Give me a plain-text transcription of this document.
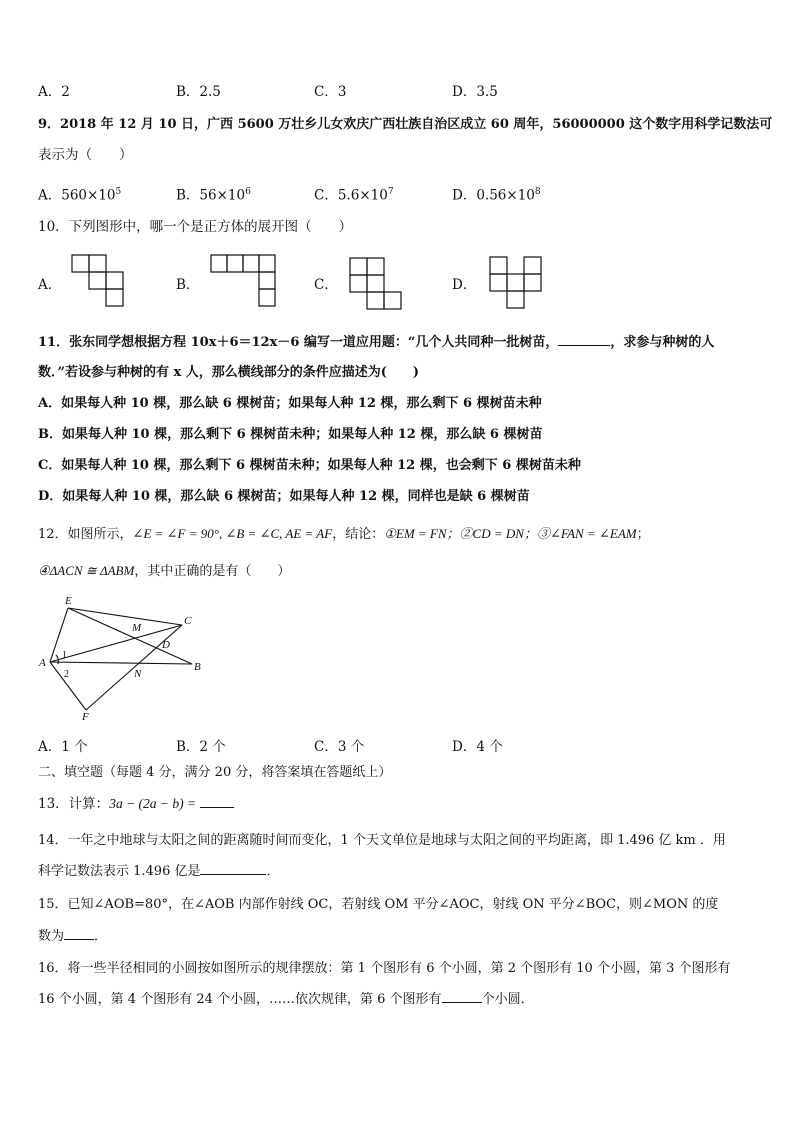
A．2	B．2.5	C．3	D．3.5
9．2018 年 12 月 10 日，广西 5600 万壮乡儿女欢庆广西壮族自治区成立 60 周年，56000000 这个数字用科学记数法可
表示为（　　）
A．$560\times 10^5$	B．$56\times 10^6$	C．$5.6\times 10^7$	D．$0.56\times 10^8$
10．下列图形中，哪一个是正方体的展开图（　　）
A．	B．	C．	D．
11．张东同学想根据方程 10x＋6＝12x－6 编写一道应用题：“几个人共同种一批树苗，	，求参与种树的人
数．”若设参与种树的有 x 人，那么横线部分的条件应描述为(　　)
A．如果每人种 10 棵，那么缺 6 棵树苗；如果每人种 12 棵，那么剩下 6 棵树苗未种
B．如果每人种 10 棵，那么剩下 6 棵树苗未种；如果每人种 12 棵，那么缺 6 棵树苗
C．如果每人种 10 棵，那么剩下 6 棵树苗未种；如果每人种 12 棵，也会剩下 6 棵树苗未种
D．如果每人种 10 棵，那么缺 6 棵树苗；如果每人种 12 棵，同样也是缺 6 棵树苗
12．如图所示，∠E = ∠F = 90°, ∠B = ∠C, AE = AF，结论：①EM = FN；②CD = DN；③∠FAN = ∠EAM；
④ΔACN ≅ ΔABM，其中正确的是有（　　）
E
M
C
D
A	B
N
F
1
2
A．1 个	B．2 个	C．3 个	D．4 个
二、填空题（每题 4 分，满分 20 分，将答案填在答题纸上）
13．计算：3a − (2a − b) =
14．一年之中地球与太阳之间的距离随时间而变化，1 个天文单位是地球与太阳之间的平均距离，即 1.496 亿 km ．用
科学记数法表示 1.496 亿是	．
15．已知∠AOB=80°，在∠AOB 内部作射线 OC，若射线 OM 平分∠AOC，射线 ON 平分∠BOC，则∠MON 的度
数为 ．
16．将一些半径相同的小圆按如图所示的规律摆放：第 1 个图形有 6 个小圆，第 2 个图形有 10 个小圆，第 3 个图形有
16 个小圆，第 4 个图形有 24 个小圆，……依次规律，第 6 个图形有	个小圆．
